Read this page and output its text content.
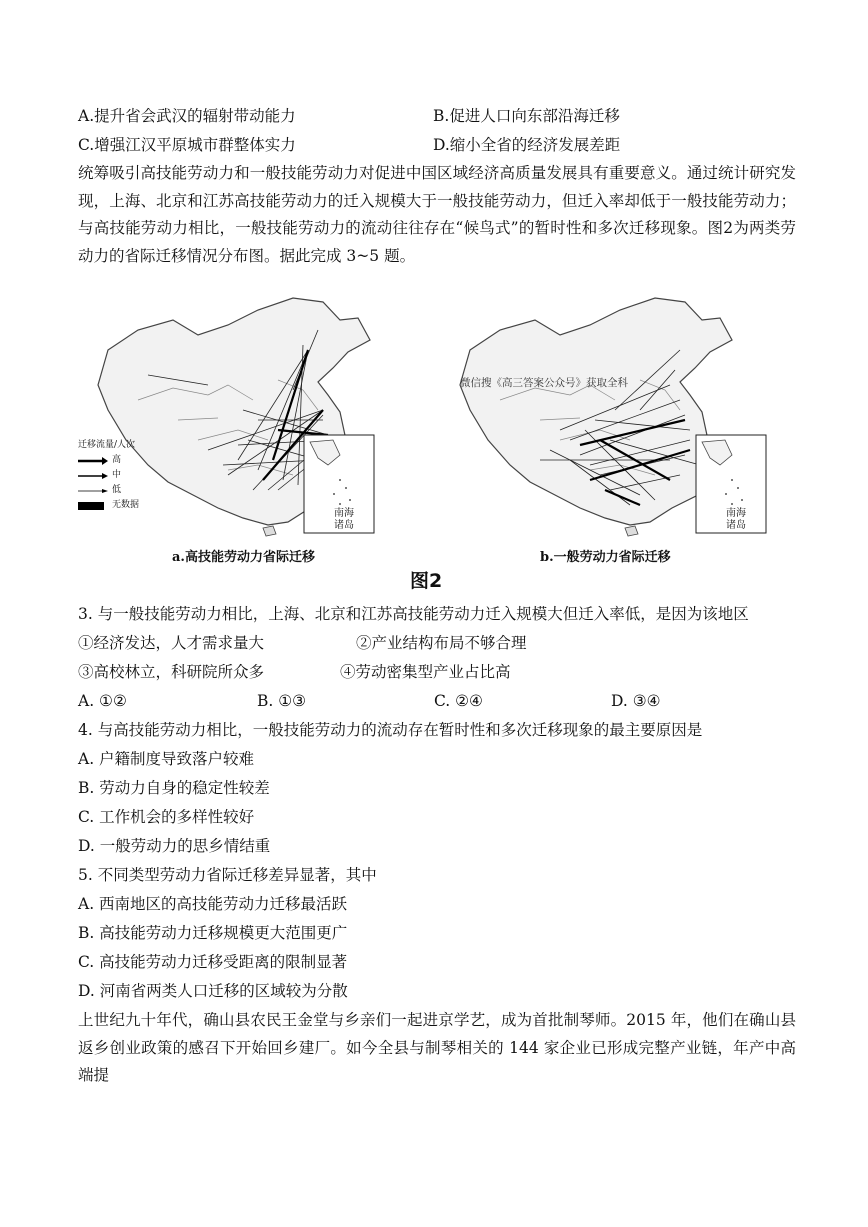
A.提升省会武汉的辐射带动能力	B.促进人口向东部沿海迁移
C.增强江汉平原城市群整体实力	D.缩小全省的经济发展差距
统筹吸引高技能劳动力和一般技能劳动力对促进中国区域经济高质量发展具有重要意义。通过统计研究发现，上海、北京和江苏高技能劳动力的迁入规模大于一般技能劳动力，但迁入率却低于一般技能劳动力；与高技能劳动力相比，一般技能劳动力的流动往往存在“候鸟式”的暂时性和多次迁移现象。图2为两类劳动力的省际迁移情况分布图。据此完成 3~5 题。
迁移流量/人次
高
中
低
无数据
南海
诸岛
a.高技能劳动力省际迁移
微信搜《高三答案公众号》获取全科
南海
诸岛
b.一般劳动力省际迁移
图2
3. 与一般技能劳动力相比，上海、北京和江苏高技能劳动力迁入规模大但迁入率低，是因为该地区
①经济发达，人才需求量大	②产业结构布局不够合理
③高校林立，科研院所众多	④劳动密集型产业占比高
A. ①②	B. ①③	C. ②④	D. ③④
4. 与高技能劳动力相比，一般技能劳动力的流动存在暂时性和多次迁移现象的最主要原因是
A. 户籍制度导致落户较难
B. 劳动力自身的稳定性较差
C. 工作机会的多样性较好
D. 一般劳动力的思乡情结重
5. 不同类型劳动力省际迁移差异显著，其中
A. 西南地区的高技能劳动力迁移最活跃
B. 高技能劳动力迁移规模更大范围更广
C. 高技能劳动力迁移受距离的限制显著
D. 河南省两类人口迁移的区域较为分散
上世纪九十年代，确山县农民王金堂与乡亲们一起进京学艺，成为首批制琴师。2015 年，他们在确山县返乡创业政策的感召下开始回乡建厂。如今全县与制琴相关的 144 家企业已形成完整产业链，年产中高端提
